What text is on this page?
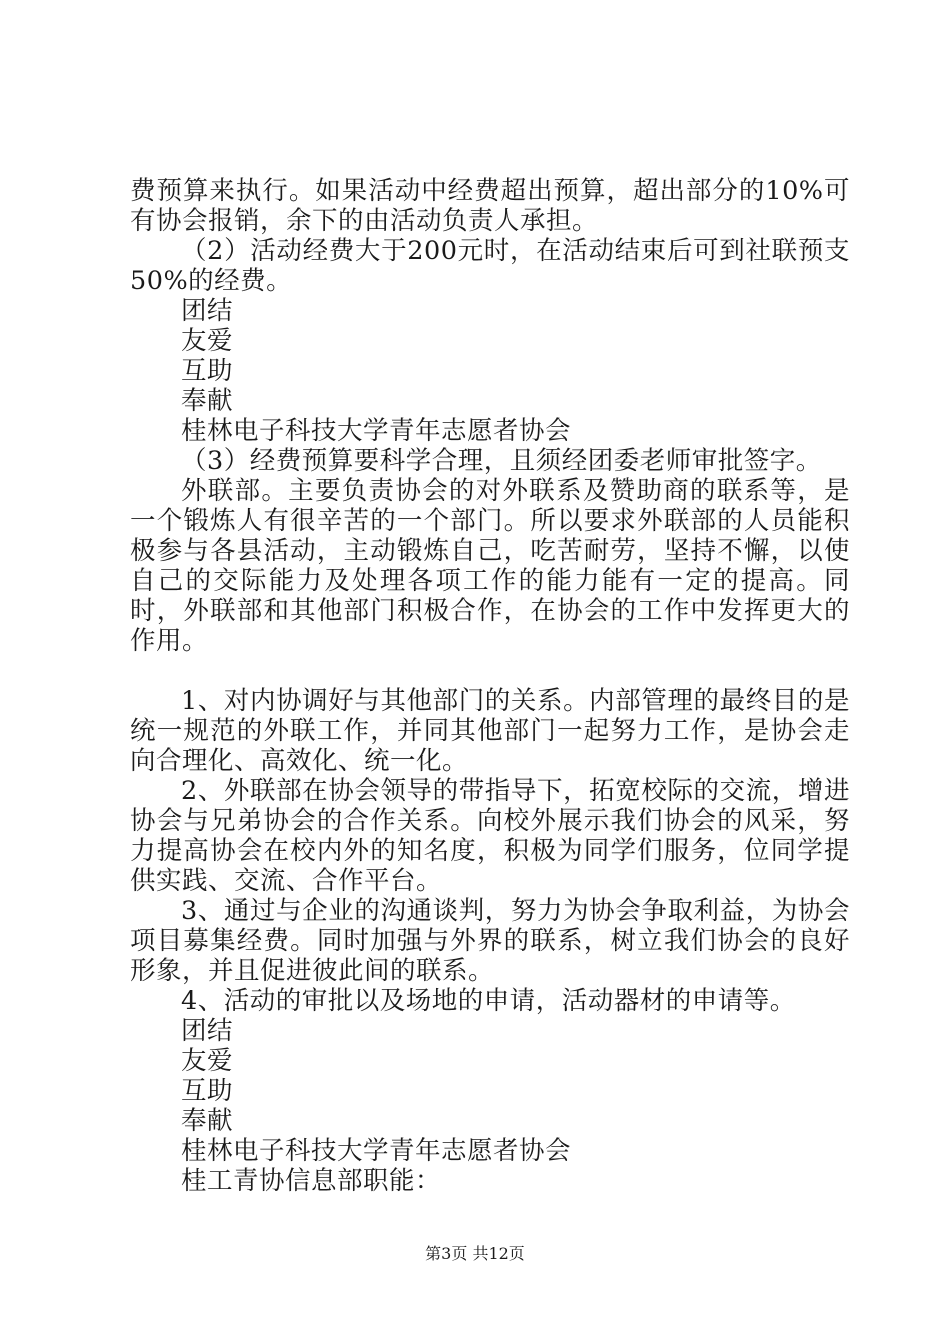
费预算来执行。如果活动中经费超出预算，超出部分的10%可有协会报销，余下的由活动负责人承担。

（2）活动经费大于200元时，在活动结束后可到社联预支50%的经费。

团结
友爱
互助
奉献
桂林电子科技大学青年志愿者协会

（3）经费预算要科学合理，且须经团委老师审批签字。

外联部。主要负责协会的对外联系及赞助商的联系等，是一个锻炼人有很辛苦的一个部门。所以要求外联部的人员能积极参与各县活动，主动锻炼自己，吃苦耐劳，坚持不懈，以使自己的交际能力及处理各项工作的能力能有一定的提高。同时，外联部和其他部门积极合作，在协会的工作中发挥更大的作用。

1、对内协调好与其他部门的关系。内部管理的最终目的是统一规范的外联工作，并同其他部门一起努力工作，是协会走向合理化、高效化、统一化。

2、外联部在协会领导的带指导下，拓宽校际的交流，增进协会与兄弟协会的合作关系。向校外展示我们协会的风采，努力提高协会在校内外的知名度，积极为同学们服务，位同学提供实践、交流、合作平台。

3、通过与企业的沟通谈判，努力为协会争取利益，为协会项目募集经费。同时加强与外界的联系，树立我们协会的良好形象，并且促进彼此间的联系。

4、活动的审批以及场地的申请，活动器材的申请等。

团结
友爱
互助
奉献
桂林电子科技大学青年志愿者协会
桂工青协信息部职能：
第3页 共12页
